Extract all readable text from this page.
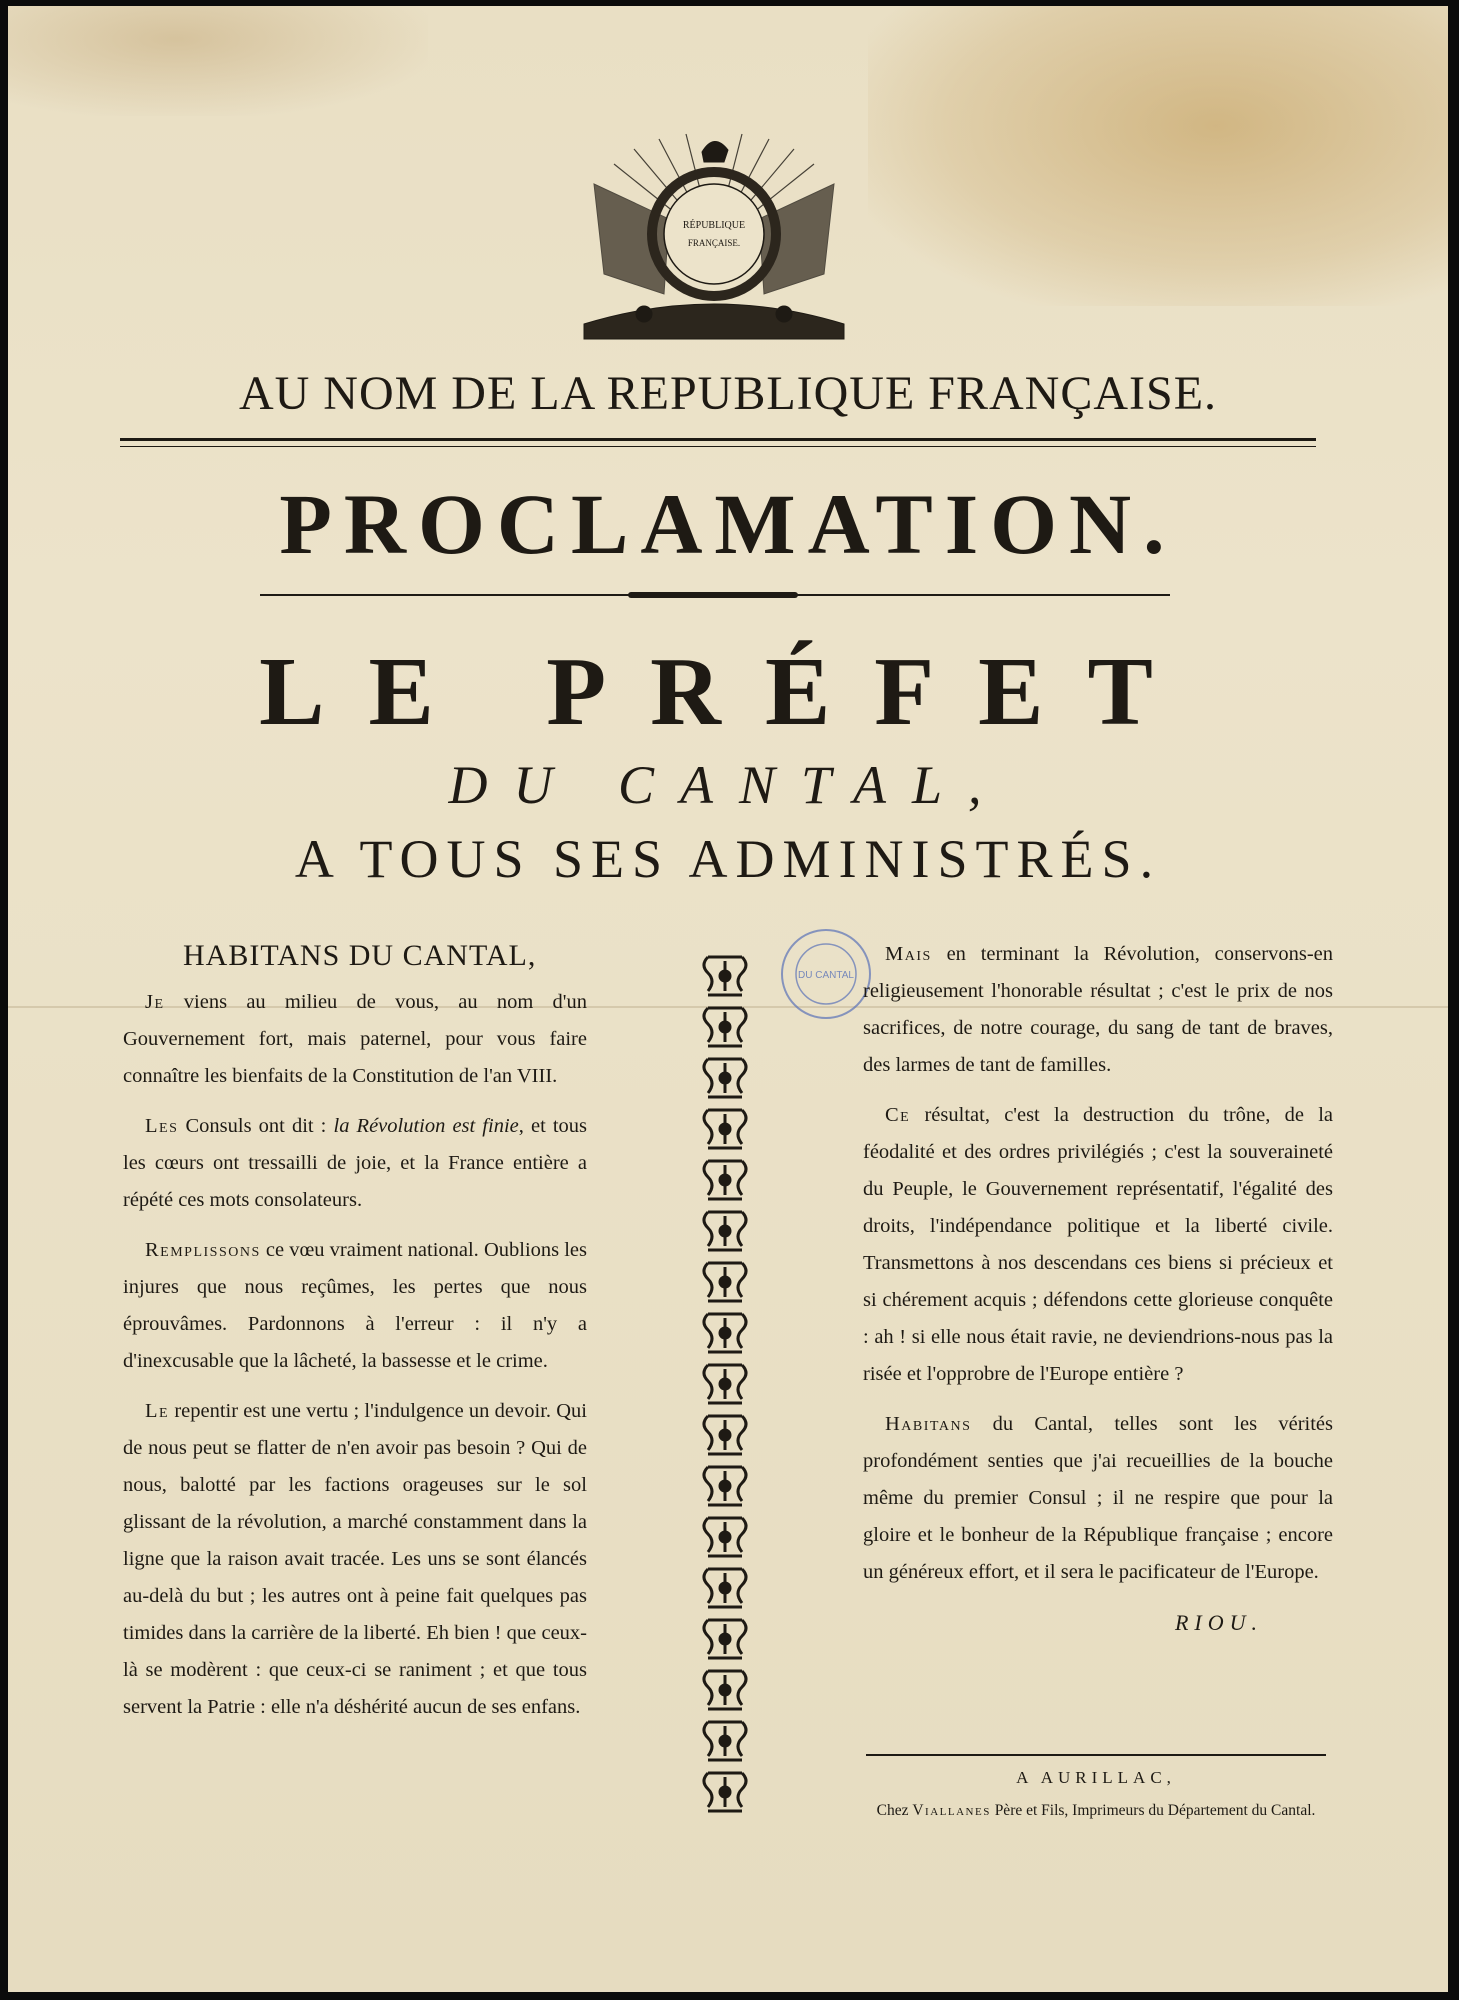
RÉPUBLIQUE
FRANÇAISE.
AU NOM DE LA REPUBLIQUE FRANÇAISE.
PROCLAMATION.
LE PRÉFET
DU CANTAL,
A TOUS SES ADMINISTRÉS.
DU CANTAL
HABITANS DU CANTAL,

Je viens au milieu de vous, au nom d'un Gouvernement fort, mais paternel, pour vous faire connaître les bienfaits de la Constitution de l'an VIII.

Les Consuls ont dit : la Révolution est finie, et tous les cœurs ont tressailli de joie, et la France entière a répété ces mots consolateurs.

Remplissons ce vœu vraiment national. Oublions les injures que nous reçûmes, les pertes que nous éprouvâmes. Pardonnons à l'erreur : il n'y a d'inexcusable que la lâcheté, la bassesse et le crime.

Le repentir est une vertu ; l'indulgence un devoir. Qui de nous peut se flatter de n'en avoir pas besoin ? Qui de nous, balotté par les factions orageuses sur le sol glissant de la révolution, a marché constamment dans la ligne que la raison avait tracée. Les uns se sont élancés au-delà du but ; les autres ont à peine fait quelques pas timides dans la carrière de la liberté. Eh bien ! que ceux-là se modèrent : que ceux-ci se raniment ; et que tous servent la Patrie : elle n'a déshérité aucun de ses enfans.

Mais en terminant la Révolution, conservons-en religieusement l'honorable résultat ; c'est le prix de nos sacrifices, de notre courage, du sang de tant de braves, des larmes de tant de familles.

Ce résultat, c'est la destruction du trône, de la féodalité et des ordres privilégiés ; c'est la souveraineté du Peuple, le Gouvernement représentatif, l'égalité des droits, l'indépendance politique et la liberté civile. Transmettons à nos descendans ces biens si précieux et si chérement acquis ; défendons cette glorieuse conquête : ah ! si elle nous était ravie, ne deviendrions-nous pas la risée et l'opprobre de l'Europe entière ?

Habitans du Cantal, telles sont les vérités profondément senties que j'ai recueillies de la bouche même du premier Consul ; il ne respire que pour la gloire et le bonheur de la République française ; encore un généreux effort, et il sera le pacificateur de l'Europe.

RIOU.
A AURILLAC,
Chez Viallanes Père et Fils, Imprimeurs du Département du Cantal.
